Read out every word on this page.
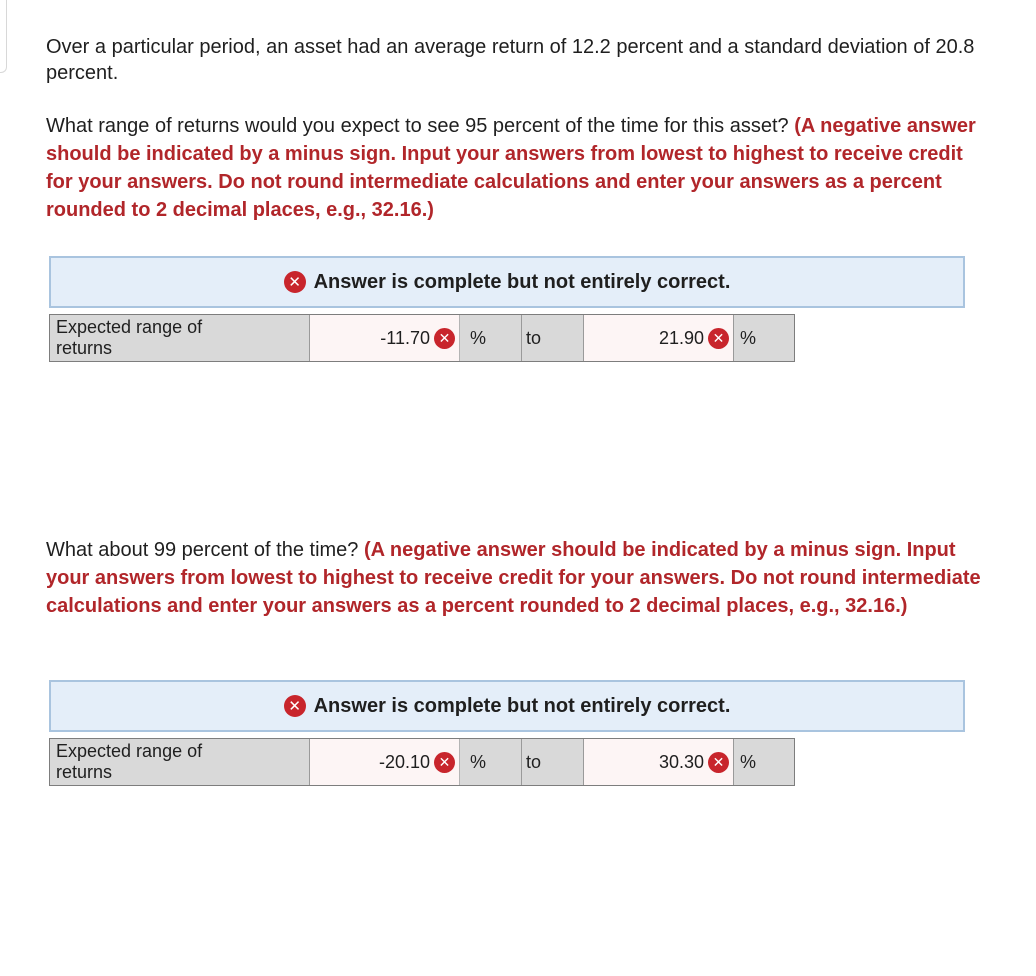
Over a particular period, an asset had an average return of 12.2 percent and a standard deviation of 20.8 percent.

What range of returns would you expect to see 95 percent of the time for this asset? (A negative answer should be indicated by a minus sign. Input your answers from lowest to highest to receive credit for your answers. Do not round intermediate calculations and enter your answers as a percent rounded to 2 decimal places, e.g., 32.16.)

✕ Answer is complete but not entirely correct.
Expected range of
returns
-11.70 ✕	%	to	21.90 ✕ %

What about 99 percent of the time? (A negative answer should be indicated by a minus sign. Input your answers from lowest to highest to receive credit for your answers. Do not round intermediate calculations and enter your answers as a percent rounded to 2 decimal places, e.g., 32.16.)

✕ Answer is complete but not entirely correct.
Expected range of
returns
-20.10 ✕	%	to	30.30 ✕ %
